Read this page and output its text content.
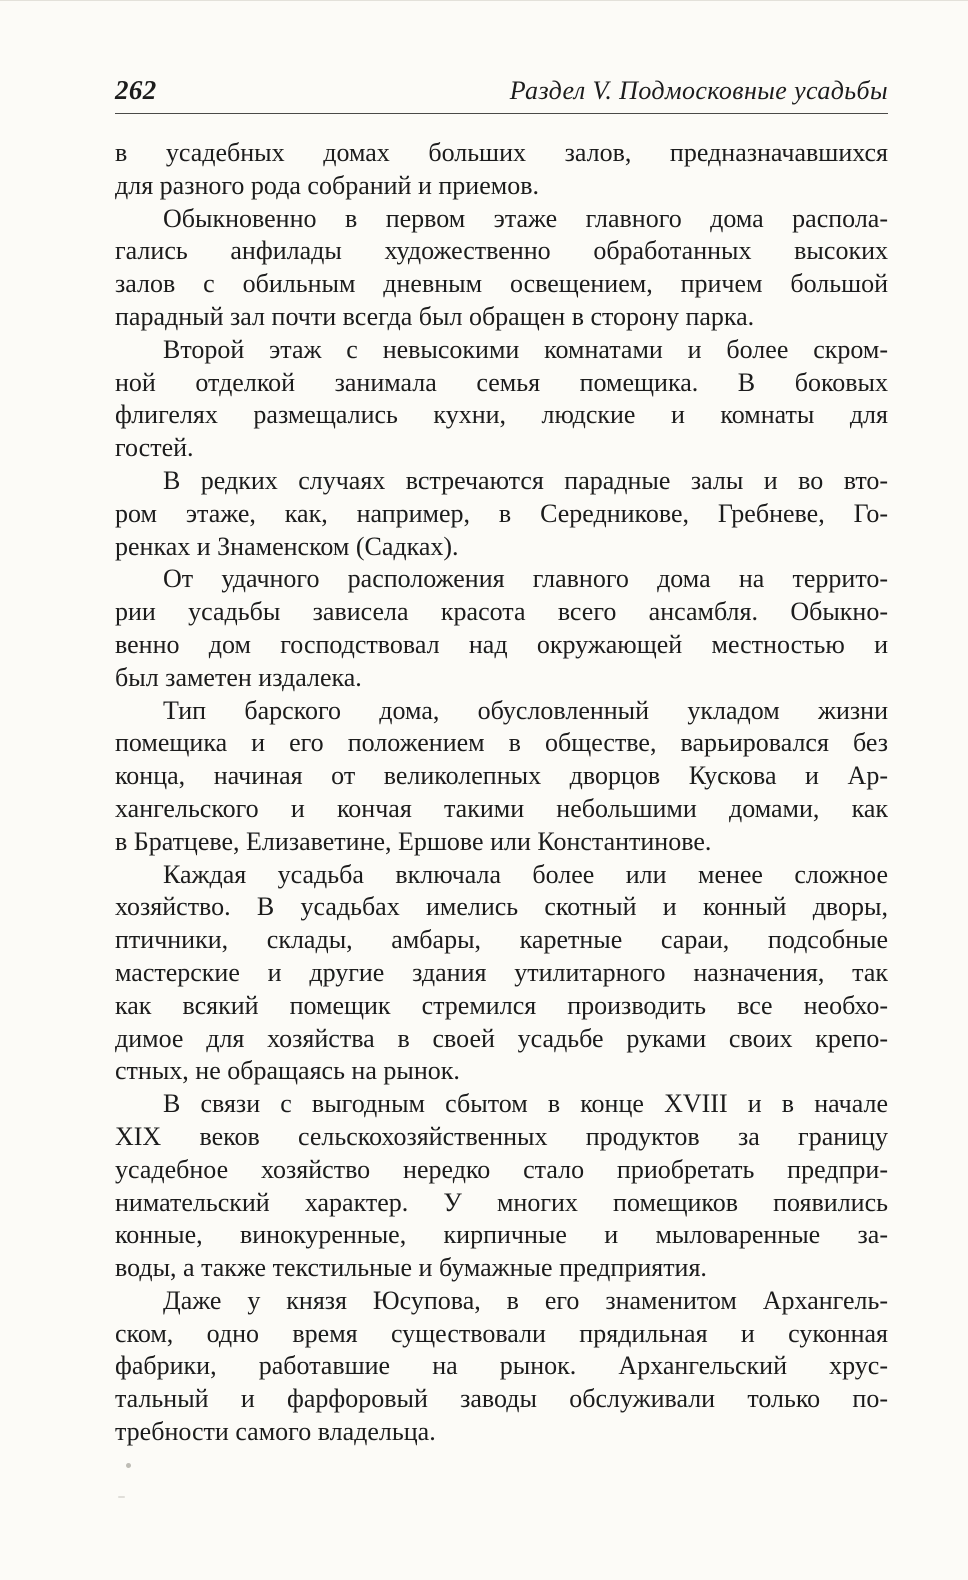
262	Раздел V. Подмосковные усадьбы
в усадебных домах больших залов, предназначавшихся
для разного рода собраний и приемов.
Обыкновенно в первом этаже главного дома распола-
гались анфилады художественно обработанных высоких
залов с обильным дневным освещением, причем большой
парадный зал почти всегда был обращен в сторону парка.
Второй этаж с невысокими комнатами и более скром-
ной отделкой занимала семья помещика. В боковых
флигелях размещались кухни, людские и комнаты для
гостей.
В редких случаях встречаются парадные залы и во вто-
ром этаже, как, например, в Середникове, Гребневе, Го-
ренках и Знаменском (Садках).
От удачного расположения главного дома на террито-
рии усадьбы зависела красота всего ансамбля. Обыкно-
венно дом господствовал над окружающей местностью и
был заметен издалека.
Тип барского дома, обусловленный укладом жизни
помещика и его положением в обществе, варьировался без
конца, начиная от великолепных дворцов Кускова и Ар-
хангельского и кончая такими небольшими домами, как
в Братцеве, Елизаветине, Ершове или Константинове.
Каждая усадьба включала более или менее сложное
хозяйство. В усадьбах имелись скотный и конный дворы,
птичники, склады, амбары, каретные сараи, подсобные
мастерские и другие здания утилитарного назначения, так
как всякий помещик стремился производить все необхо-
димое для хозяйства в своей усадьбе руками своих крепо-
стных, не обращаясь на рынок.
В связи с выгодным сбытом в конце XVIII и в начале
XIX веков сельскохозяйственных продуктов за границу
усадебное хозяйство нередко стало приобретать предпри-
нимательский характер. У многих помещиков появились
конные, винокуренные, кирпичные и мыловаренные за-
воды, а также текстильные и бумажные предприятия.
Даже у князя Юсупова, в его знаменитом Архангель-
ском, одно время существовали прядильная и суконная
фабрики, работавшие на рынок. Архангельский хрус-
тальный и фарфоровый заводы обслуживали только по-
требности самого владельца.
